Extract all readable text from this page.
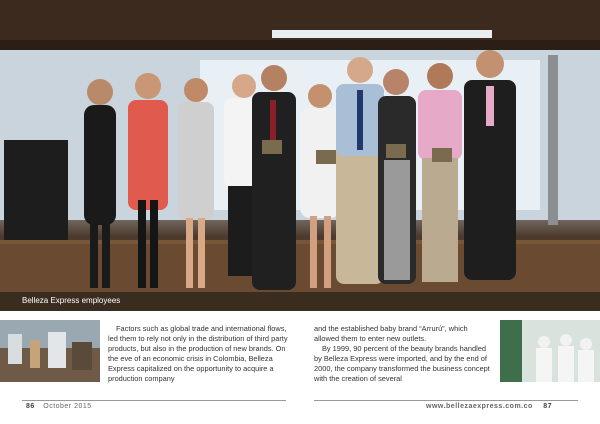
Belleza Express employees

Factors such as global trade and international flows, led them to rely not only in the distribution of third party products, but also in the production of new brands. On the eve of an economic crisis in Colombia, Belleza Express capitalized on the opportunity to acquire a production company

and the established baby brand “Arrurú”, which allowed them to enter new outlets.

By 1999, 90 percent of the beauty brands handled by Belleza Express were imported, and by the end of 2000, the company transformed the business concept with the creation of several

86 October 2015	www.bellezaexpress.com.co 87
